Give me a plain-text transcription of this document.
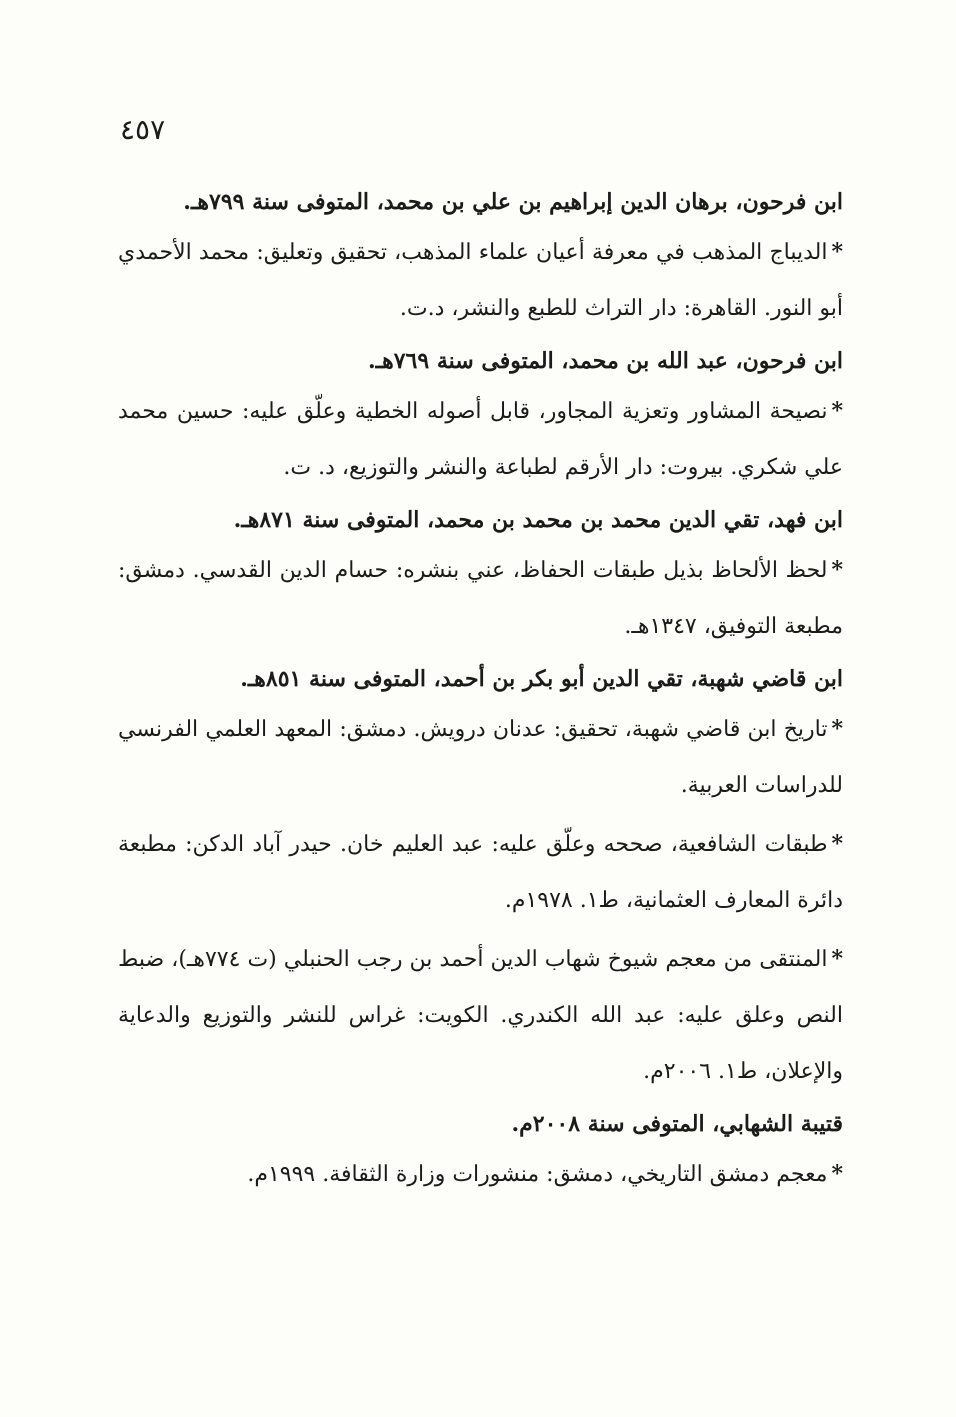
٤٥٧

ابن فرحون، برهان الدين إبراهيم بن علي بن محمد، المتوفى سنة ٧٩٩هـ.

*الديباج المذهب في معرفة أعيان علماء المذهب، تحقيق وتعليق: محمد الأحمدي أبو النور. القاهرة: دار التراث للطبع والنشر، د.ت.

ابن فرحون، عبد الله بن محمد، المتوفى سنة ٧٦٩هـ.

*نصيحة المشاور وتعزية المجاور، قابل أصوله الخطية وعلّق عليه: حسين محمد علي شكري. بيروت: دار الأرقم لطباعة والنشر والتوزيع، د. ت.

ابن فهد، تقي الدين محمد بن محمد بن محمد، المتوفى سنة ٨٧١هـ.

*لحظ الألحاظ بذيل طبقات الحفاظ، عني بنشره: حسام الدين القدسي. دمشق: مطبعة التوفيق، ١٣٤٧هـ.

ابن قاضي شهبة، تقي الدين أبو بكر بن أحمد، المتوفى سنة ٨٥١هـ.

*تاريخ ابن قاضي شهبة، تحقيق: عدنان درويش. دمشق: المعهد العلمي الفرنسي للدراسات العربية.

*طبقات الشافعية، صححه وعلّق عليه: عبد العليم خان. حيدر آباد الدكن: مطبعة دائرة المعارف العثمانية، ط١. ١٩٧٨م.

*المنتقى من معجم شيوخ شهاب الدين أحمد بن رجب الحنبلي (ت ٧٧٤هـ)، ضبط النص وعلق عليه: عبد الله الكندري. الكويت: غراس للنشر والتوزيع والدعاية والإعلان، ط١. ٢٠٠٦م.

قتيبة الشهابي، المتوفى سنة ٢٠٠٨م.

*معجم دمشق التاريخي، دمشق: منشورات وزارة الثقافة. ١٩٩٩م.
